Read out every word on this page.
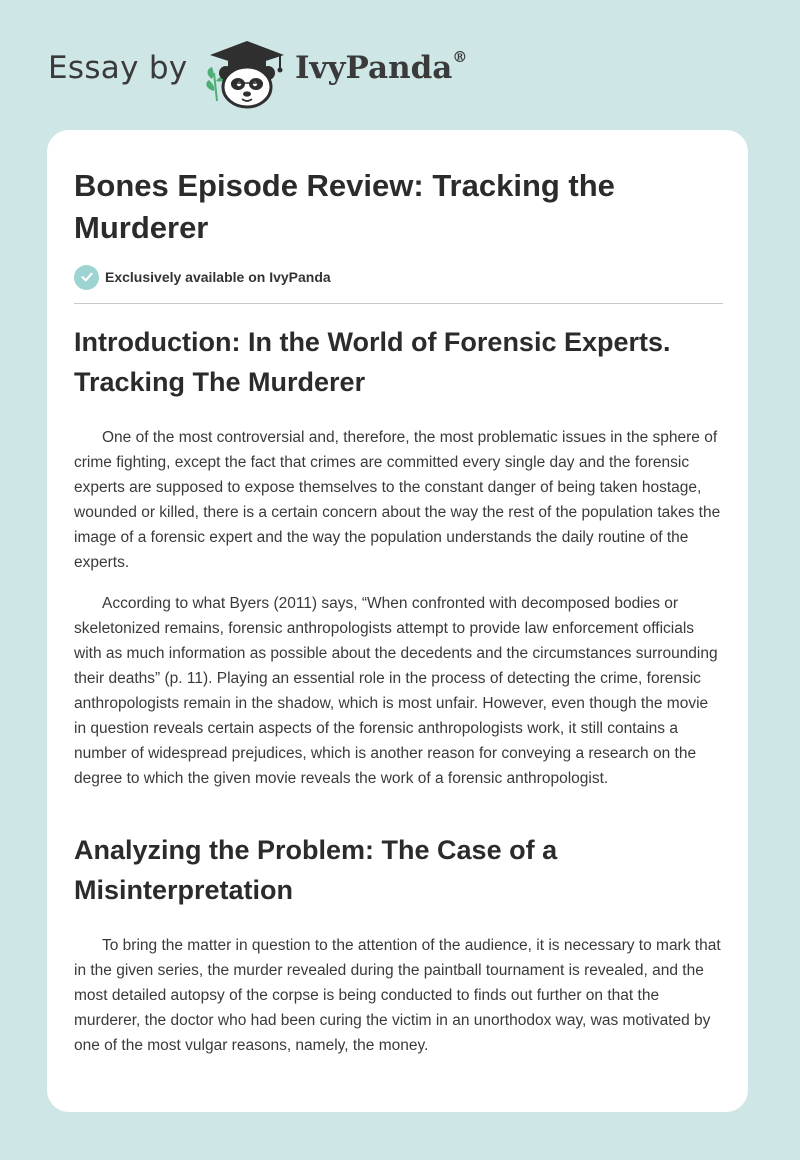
Essay by	IvyPanda®
Bones Episode Review: Tracking the Murderer
Exclusively available on IvyPanda
Introduction: In the World of Forensic Experts. Tracking The Murderer

One of the most controversial and, therefore, the most problematic issues in the sphere of crime fighting, except the fact that crimes are committed every single day and the forensic experts are supposed to expose themselves to the constant danger of being taken hostage, wounded or killed, there is a certain concern about the way the rest of the population takes the image of a forensic expert and the way the population understands the daily routine of the experts.

According to what Byers (2011) says, “When confronted with decomposed bodies or skeletonized remains, forensic anthropologists attempt to provide law enforcement officials with as much information as possible about the decedents and the circumstances surrounding their deaths” (p. 11). Playing an essential role in the process of detecting the crime, forensic anthropologists remain in the shadow, which is most unfair. However, even though the movie in question reveals certain aspects of the forensic anthropologists work, it still contains a number of widespread prejudices, which is another reason for conveying a research on the degree to which the given movie reveals the work of a forensic anthropologist.

Analyzing the Problem: The Case of a Misinterpretation

To bring the matter in question to the attention of the audience, it is necessary to mark that in the given series, the murder revealed during the paintball tournament is revealed, and the most detailed autopsy of the corpse is being conducted to finds out further on that the murderer, the doctor who had been curing the victim in an unorthodox way, was motivated by one of the most vulgar reasons, namely, the money.
